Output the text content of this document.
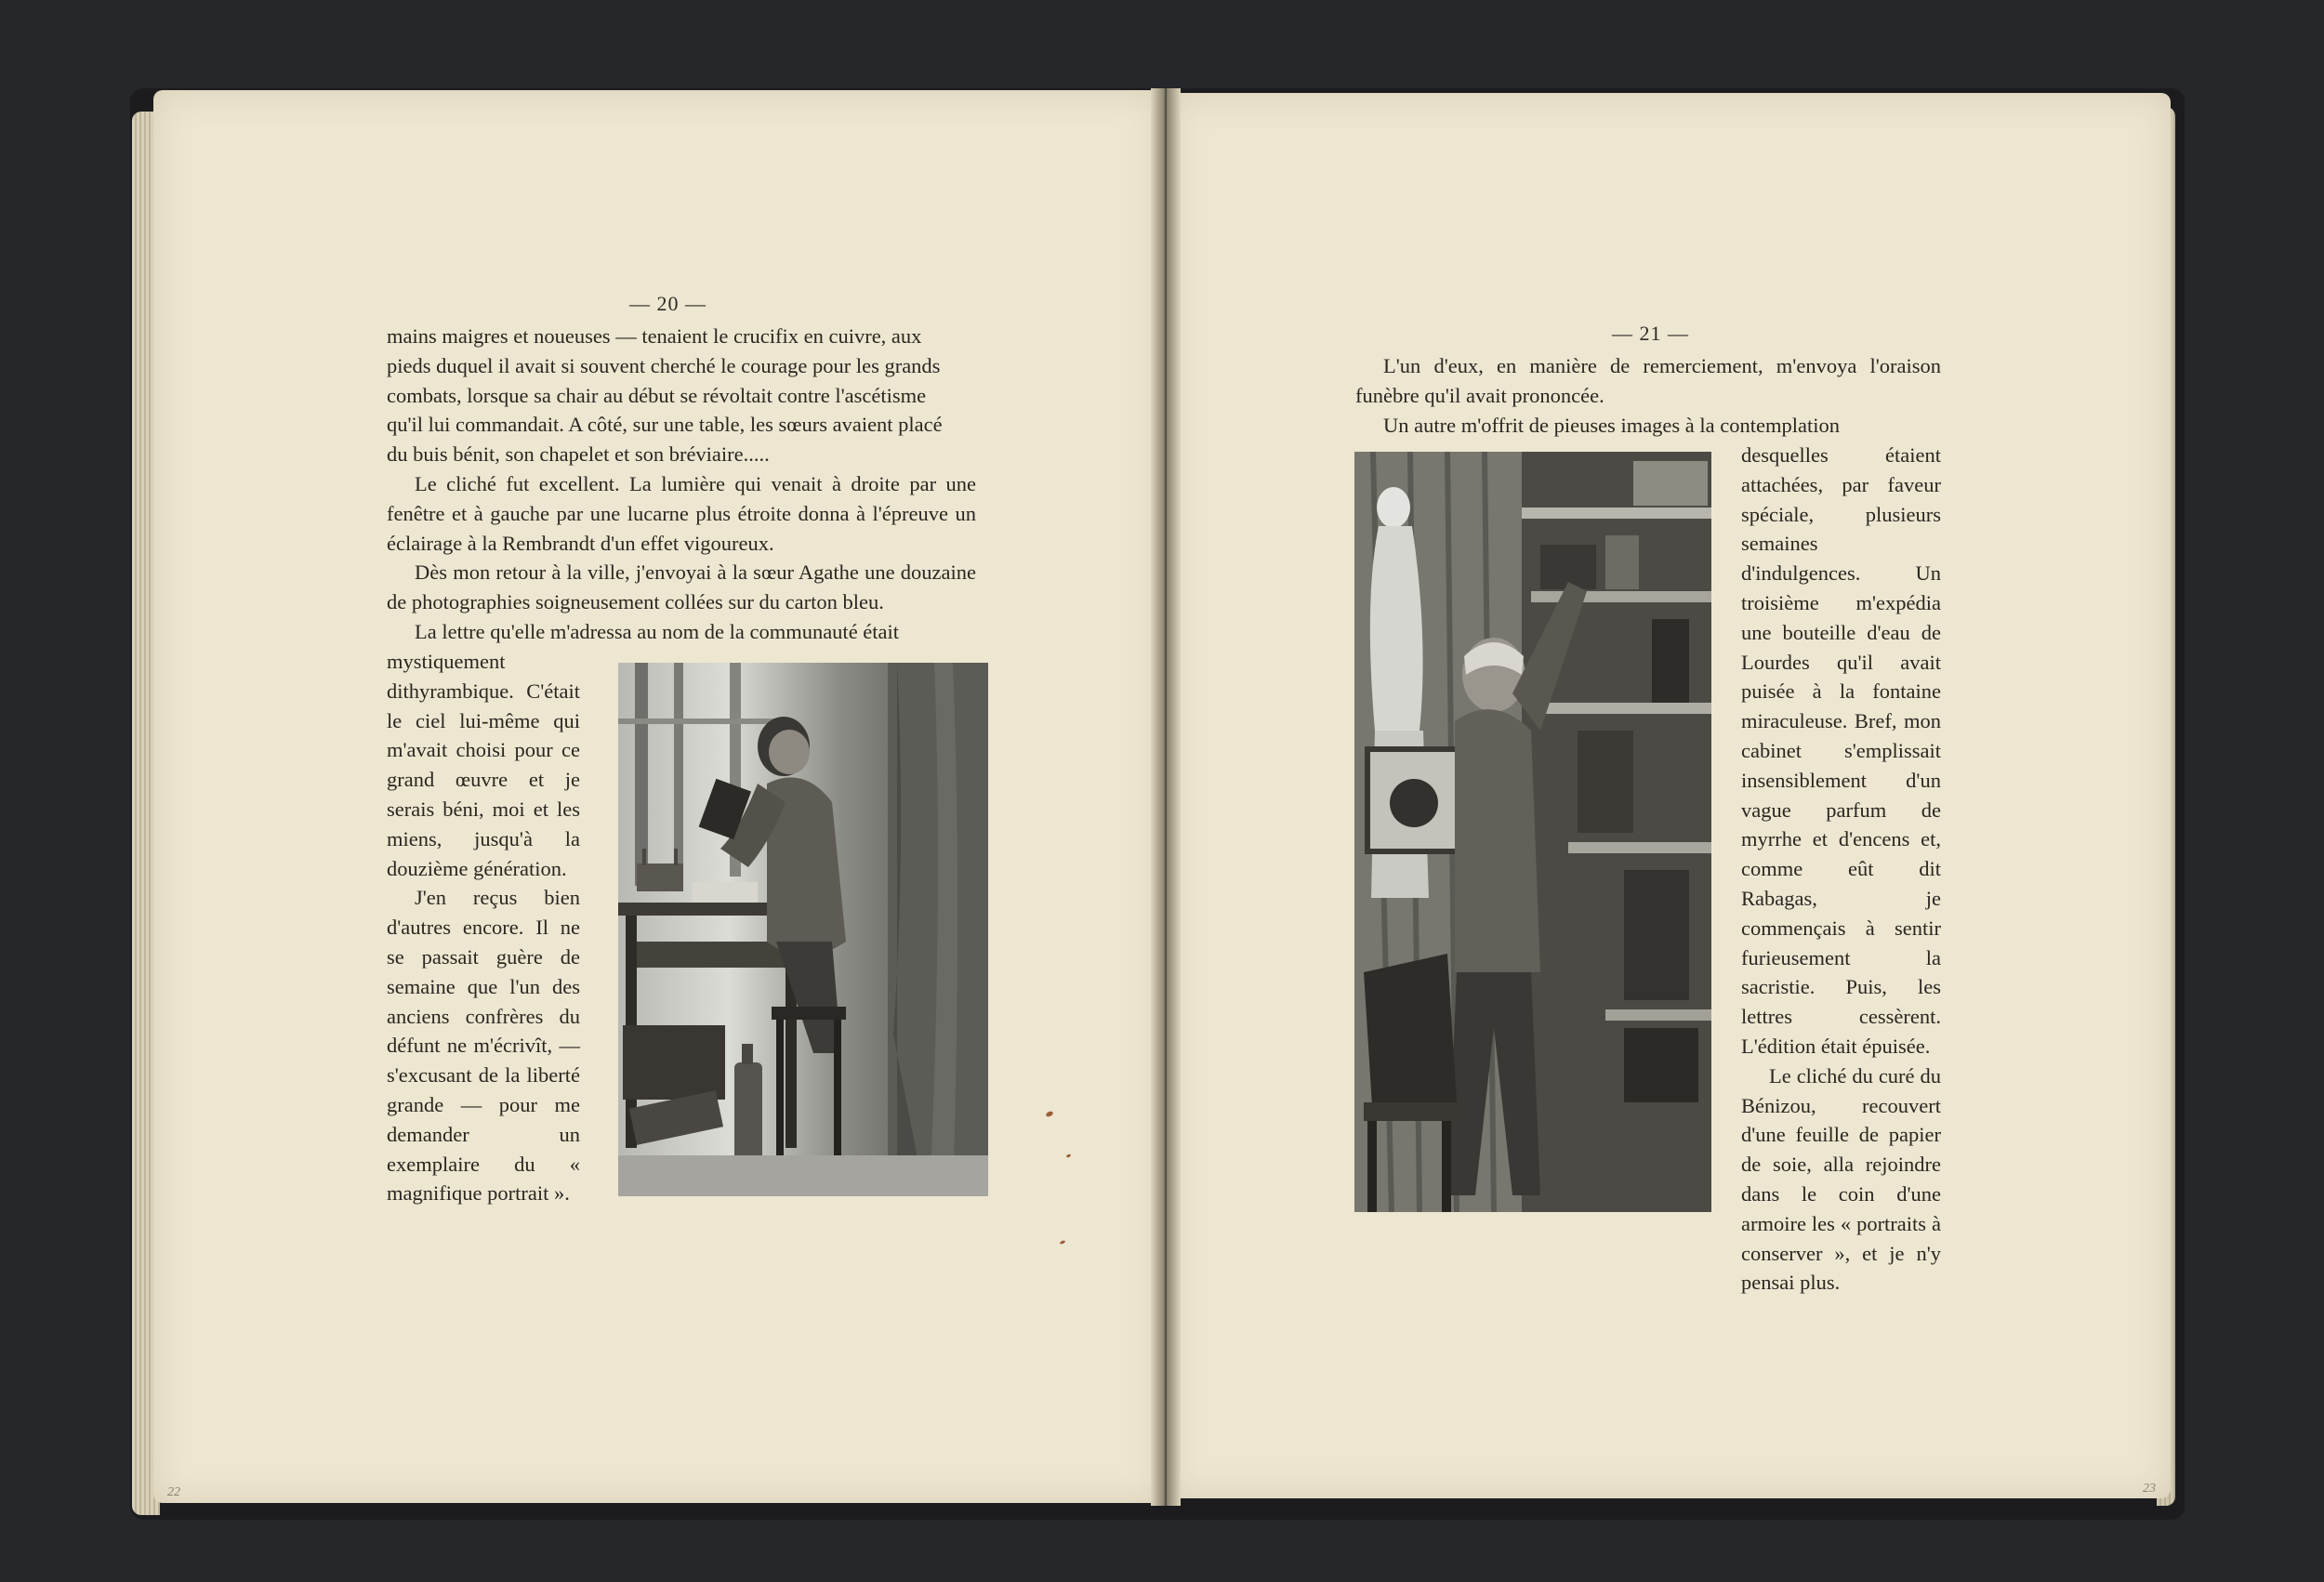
— 20 —

mains maigres et noueuses — tenaient le crucifix en cuivre, aux

pieds duquel il avait si souvent cherché le courage pour les grands

combats, lorsque sa chair au début se révoltait contre l'ascétisme

qu'il lui commandait. A côté, sur une table, les sœurs avaient placé

du buis bénit, son chapelet et son bréviaire.....

Le cliché fut excellent. La lumière qui venait à droite par une fenêtre et à gauche par une lucarne plus étroite donna à l'épreuve un éclairage à la Rembrandt d'un effet vigoureux.

Dès mon retour à la ville, j'envoyai à la sœur Agathe une douzaine de photographies soigneusement collées sur du carton bleu.

La lettre qu'elle m'adressa au nom de la communauté était

mystiquement dithyrambique. C'était le ciel lui-même qui m'avait choisi pour ce grand œuvre et je serais béni, moi et les miens, jusqu'à la douzième génération.

J'en reçus bien d'autres encore. Il ne se passait guère de semaine que l'un des anciens confrères du défunt ne m'écrivît, — s'excusant de la liberté grande — pour me demander un exemplaire du « magnifique portrait ».

— 21 —

L'un d'eux, en manière de remerciement, m'envoya l'oraison funèbre qu'il avait prononcée.

Un autre m'offrit de pieuses images à la contemplation

desquelles étaient attachées, par faveur spéciale, plusieurs semaines d'indulgences. Un troisième m'expédia une bouteille d'eau de Lourdes qu'il avait puisée à la fontaine miraculeuse. Bref, mon cabinet s'emplissait insensiblement d'un vague parfum de myrrhe et d'encens et, comme eût dit Rabagas, je commençais à sentir furieusement la sacristie. Puis, les lettres cessèrent. L'édition était épuisée.

Le cliché du curé du Bénizou, recouvert d'une feuille de papier de soie, alla rejoindre dans le coin d'une armoire les « portraits à conserver », et je n'y pensai plus.

22	23
